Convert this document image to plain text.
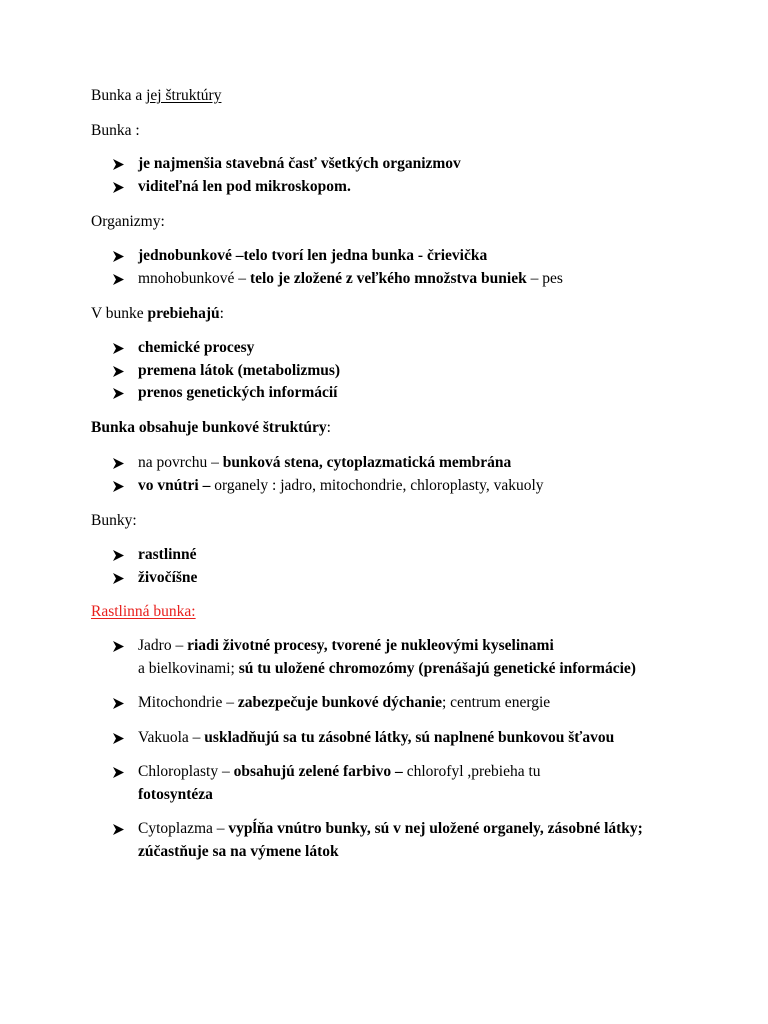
Bunka a jej štruktúry
Bunka :
je najmenšia stavebná časť všetkých organizmov
viditeľná len pod mikroskopom.
Organizmy:
jednobunkové –telo tvorí len jedna bunka - črievička
mnohobunkové – telo je zložené z veľkého množstva buniek – pes
V bunke prebiehajú:
chemické procesy
premena látok (metabolizmus)
prenos genetických informácií
Bunka obsahuje bunkové štruktúry:
na povrchu – bunková stena, cytoplazmatická membrána
vo vnútri – organely : jadro, mitochondrie, chloroplasty, vakuoly
Bunky:
rastlinné
živočíšne
Rastlinná bunka:
Jadro – riadi životné procesy, tvorené je nukleovými kyselinami
a bielkovinami; sú tu uložené chromozómy (prenášajú genetické informácie)
Mitochondrie – zabezpečuje bunkové dýchanie; centrum energie
Vakuola – uskladňujú sa tu zásobné látky, sú naplnené bunkovou šťavou
Chloroplasty – obsahujú zelené farbivo – chlorofyl ,prebieha tu
fotosyntéza
Cytoplazma – vypĺňa vnútro bunky, sú v nej uložené organely, zásobné látky; zúčastňuje sa na výmene látok
